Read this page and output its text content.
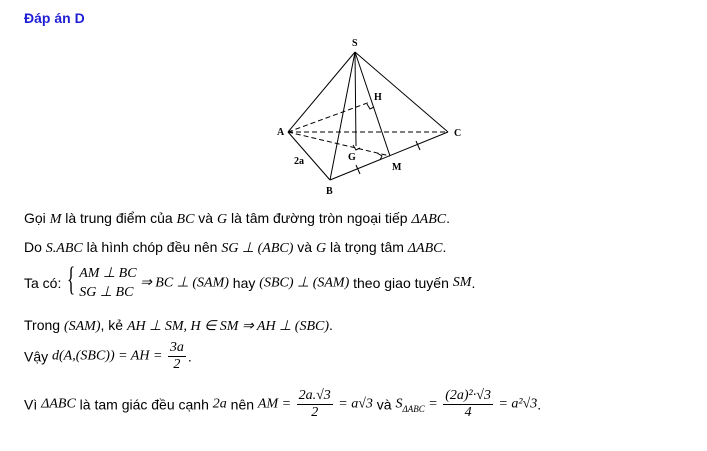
Đáp án D
S
A
B
C
G
M
H
2a
Gọi M là trung điểm của BC và G là tâm đường tròn ngoại tiếp ΔABC.
Do S.ABC là hình chóp đều nên SG ⊥ (ABC) và G là trọng tâm ΔABC.
Ta có: { AM ⊥ BC
SG ⊥ BC
⇒ BC ⊥ (SAM) hay (SBC) ⊥ (SAM) theo giao tuyến SM.
Trong (SAM), kẻ AH ⊥ SM, H ∈ SM ⇒ AH ⊥ (SBC).
Vậy d(A,(SBC)) = AH = $\frac{3a}{2}$ .
Vì ΔABC là tam giác đều cạnh 2a nên AM = $\frac{2a.√3}{2} = a√3$ và $S_{\Delta ABC} = \frac{\text{(2a)²·√3}}{4} = a^2√3$.
